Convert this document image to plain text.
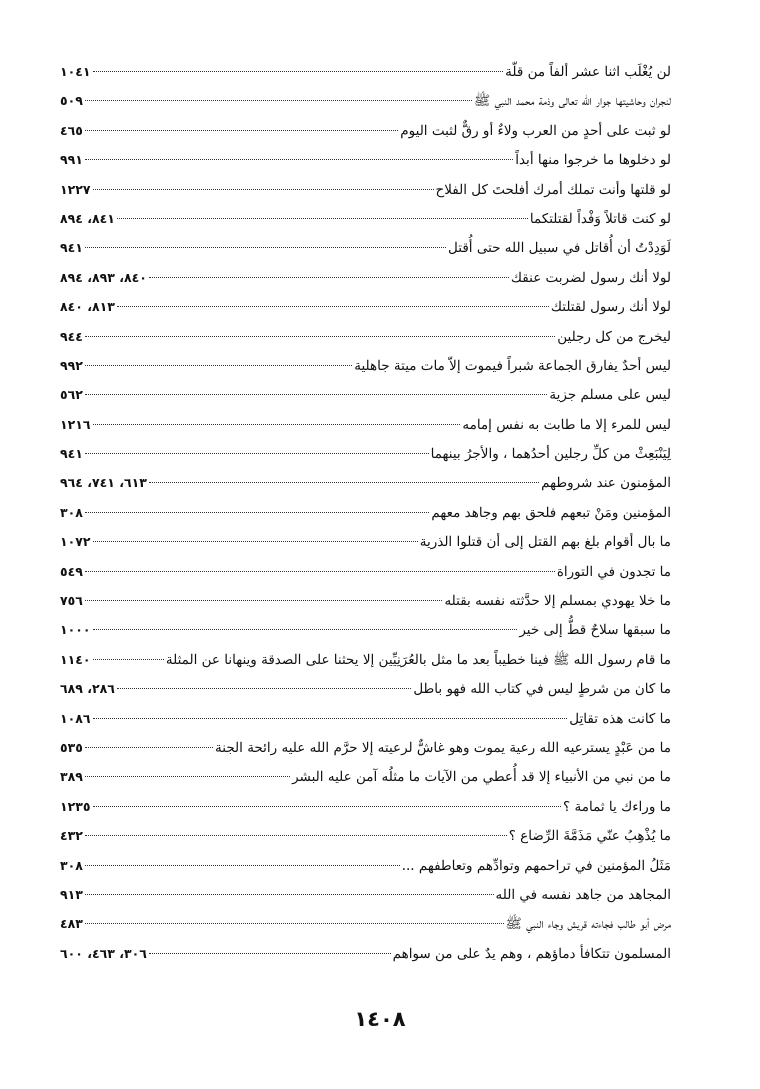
لن يُغْلَب اثنا عشر ألفاً من قلّة
١٠٤١
لنجران وحاشيتها جوار الله تعالى وذمة محمد النبي ﷺ
٥٠٩
لو ثبت على أحدٍ من العرب ولاءٌ أو رقٌّ لثبت اليوم
٤٦٥
لو دخلوها ما خرجوا منها أبداً
٩٩١
لو قلتها وأنت تملك أمرك أفلحتَ كل الفلاح
١٢٢٧
لو كنت قاتلاً وَفْداً لقتلتكما
٨٤١، ٨٩٤
لَوَدِدْتُ أن أُقاتل في سبيل الله حتى أُقتل
٩٤١
لولا أنك رسول لضربت عنقك
٨٤٠، ٨٩٣، ٨٩٤
لولا أنك رسول لقتلتك
٨١٣، ٨٤٠
ليخرج من كل رجلين
٩٤٤
ليس أحدٌ يفارق الجماعة شبراً فيموت إلاّ مات ميتة جاهلية
٩٩٢
ليس على مسلم جزية
٥٦٢
ليس للمرء إلا ما طابت به نفس إمامه
١٢١٦
لِيَنْبَعِثْ من كلِّ رجلين أحدُهما ، والأجرُ بينهما
٩٤١
المؤمنون عند شروطهم
٦١٣، ٧٤١، ٩٦٤
المؤمنين ومَنْ تبعهم فلحق بهم وجاهد معهم
٣٠٨
ما بال أقوام بلغ بهم القتل إلى أن قتلوا الذرية
١٠٧٢
ما تجدون في التوراة
٥٤٩
ما خلا يهودي بمسلم إلا حدَّثته نفسه بقتله
٧٥٦
ما سبقها سلاحٌ قطُّ إلى خير
١٠٠٠
ما قام رسول الله ﷺ فينا خطيباً بعد ما مثل بالعُرَنِيِّين إلا يحثنا على الصدقة وينهانا عن المثلة
١١٤٠
ما كان من شرطٍ ليس في كتاب الله فهو باطل
٢٨٦، ٦٨٩
ما كانت هذه تقاتِل
١٠٨٦
ما من عَبْدٍ يسترعيه الله رعية يموت وهو غاشٌّ لرعيته إلا حرَّم الله عليه رائحة الجنة
٥٣٥
ما من نبي من الأنبياء إلا قد أُعطي من الآيات ما مثلُه آمن عليه البشر
٣٨٩
ما وراءك يا ثمامة ؟
١٢٣٥
ما يُذْهِبُ عنّي مَذَمَّةَ الرِّضاع ؟
٤٣٢
مَثَلُ المؤمنين في تراحمهم وتوادِّهم وتعاطفهم ...
٣٠٨
المجاهد من جاهد نفسه في الله
٩١٣
مرض أبو طالب فجاءته قريش وجاء النبي ﷺ
٤٨٣
المسلمون تتكافأ دماؤهم ، وهم يدٌ على من سواهم
٣٠٦، ٤٦٣، ٦٠٠
١٤٠٨
